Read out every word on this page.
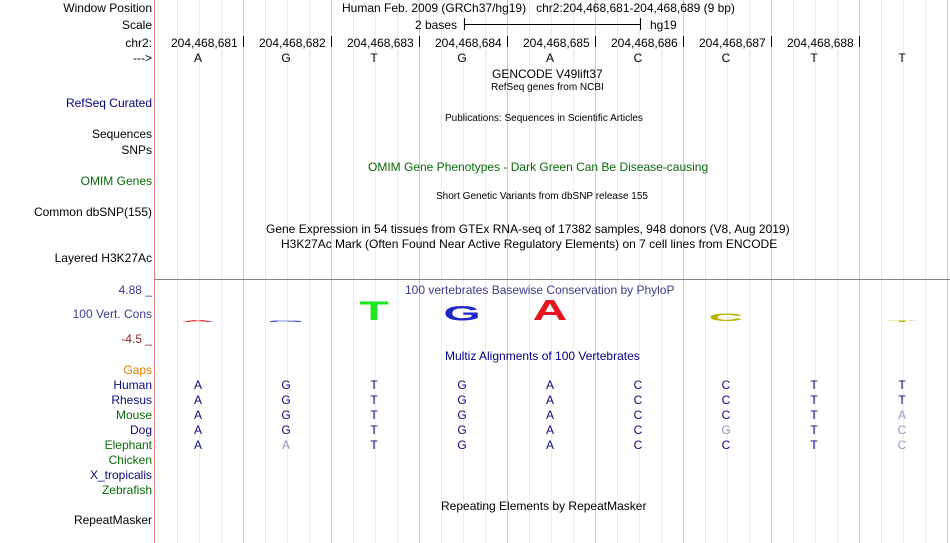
Window Position	Human Feb. 2009 (GRCh37/hg19)   chr2:204,468,681-204,468,689 (9 bp)
Scale	2 bases	hg19
chr2: 204,468,681 204,468,682 204,468,683 204,468,684 204,468,685 204,468,686 204,468,687 204,468,688
--->	A	G	T	G	A	C	C	T	T
GENCODE V49lift37
RefSeq genes from NCBI
RefSeq Curated
Publications: Sequences in Scientific Articles
Sequences
SNPs
OMIM Gene Phenotypes - Dark Green Can Be Disease-causing
OMIM Genes
Short Genetic Variants from dbSNP release 155
Common dbSNP(155)
Gene Expression in 54 tissues from GTEx RNA-seq of 17382 samples, 948 donors (V8, Aug 2019)
H3K27Ac Mark (Often Found Near Active Regulatory Elements) on 7 cell lines from ENCODE
Layered H3K27Ac
100 vertebrates Basewise Conservation by PhyloP
4.88 _
100 Vert. Cons
-4.5 _
A	G	T	G	A	C	T
Multiz Alignments of 100 Vertebrates
Gaps
Human	A	G	T	G	A	C	C	T	T
Rhesus	A	G	T	G	A	C	C	T	T
Mouse	A	G	T	G	A	C	C	T	A
Dog	A	G	T	G	A	C	G	T	C
Elephant	A	A	T	G	A	C	C	T	C
Chicken
X_tropicalis
Zebrafish
Repeating Elements by RepeatMasker
RepeatMasker
